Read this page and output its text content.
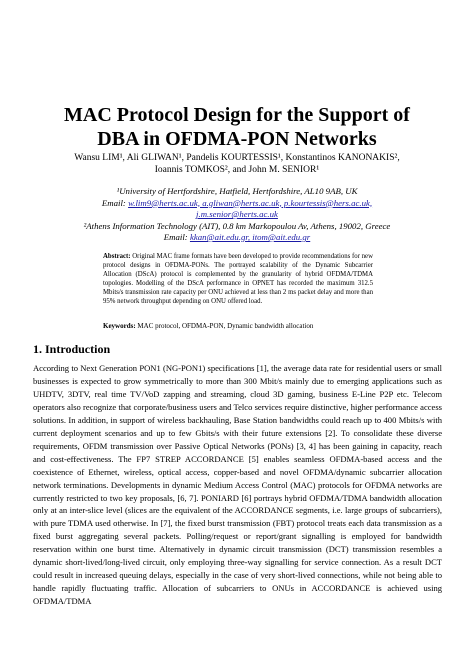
MAC Protocol Design for the Support of
DBA in OFDMA-PON Networks
Wansu LIM¹, Ali GLIWAN¹, Pandelis KOURTESSIS¹, Konstantinos KANONAKIS²,
Ioannis TOMKOS², and John M. SENIOR¹
¹University of Hertfordshire, Hatfield, Hertfordshire, AL10 9AB, UK
Email: w.lim9@herts.ac.uk, a.gliwan@herts.ac.uk, p.kourtessis@hers.ac.uk,
j.m.senior@herts.ac.uk
²Athens Information Technology (AIT), 0.8 km Markopoulou Av, Athens, 19002, Greece
Email: kkan@ait.edu.gr, itom@ait.edu.gr
Abstract: Original MAC frame formats have been developed to provide recommendations for new protocol designs in OFDMA-PONs. The portrayed scalability of the Dynamic Subcarrier Allocation (DScA) protocol is complemented by the granularity of hybrid OFDMA/TDMA topologies. Modelling of the DScA performance in OPNET has recorded the maximum 312.5 Mbits/s transmission rate capacity per ONU achieved at less than 2 ms packet delay and more than 95% network throughput depending on ONU offered load.
Keywords: MAC protocol, OFDMA-PON, Dynamic bandwidth allocation
1. Introduction

According to Next Generation PON1 (NG-PON1) specifications [1], the average data rate for residential users or small businesses is expected to grow symmetrically to more than 300 Mbit/s mainly due to emerging applications such as UHDTV, 3DTV, real time TV/VoD zapping and streaming, cloud 3D gaming, business E-Line P2P etc. Telecom operators also recognize that corporate/business users and Telco services require distinctive, higher performance access solutions. In addition, in support of wireless backhauling, Base Station bandwidths could reach up to 400 Mbits/s with current deployment scenarios and up to few Gbits/s with their future extensions [2]. To consolidate these diverse requirements, OFDM transmission over Passive Optical Networks (PONs) [3, 4] has been gaining in capacity, reach and cost-effectiveness. The FP7 STREP ACCORDANCE [5] enables seamless OFDMA-based access and the coexistence of Ethernet, wireless, optical access, copper-based and novel OFDMA/dynamic subcarrier allocation network terminations. Developments in dynamic Medium Access Control (MAC) protocols for OFDMA networks are currently restricted to two key proposals, [6, 7]. PONIARD [6] portrays hybrid OFDMA/TDMA bandwidth allocation only at an inter-slice level (slices are the equivalent of the ACCORDANCE segments, i.e. large groups of subcarriers), with pure TDMA used otherwise. In [7], the fixed burst transmission (FBT) protocol treats each data transmission as a fixed burst aggregating several packets. Polling/request or report/grant signalling is employed for bandwidth reservation within one burst time. Alternatively in dynamic circuit transmission (DCT) transmission resembles a dynamic short-lived/long-lived circuit, only employing three-way signalling for service connection. As a result DCT could result in increased queuing delays, especially in the case of very short-lived connections, while not being able to handle rapidly fluctuating traffic. Allocation of subcarriers to ONUs in ACCORDANCE is achieved using OFDMA/TDMA
